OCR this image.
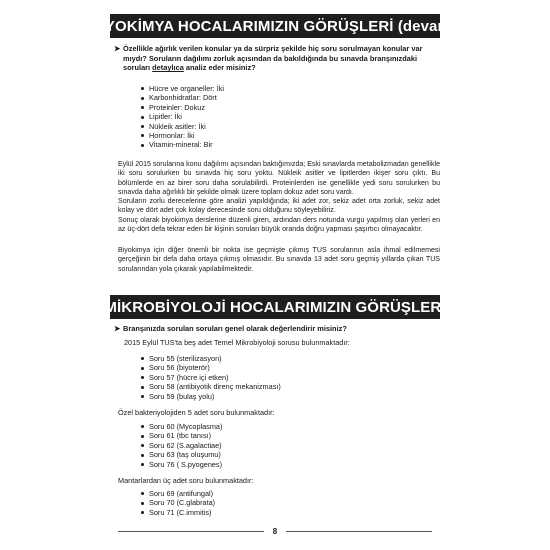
BİYOKİMYA HOCALARIMIZIN GÖRÜŞLERİ (devamı)
➤ Özellikle ağırlık verilen konular ya da sürpriz şekilde hiç soru sorulmayan konular var mıydı? Soruların dağılımı zorluk açısından da bakıldığında bu sınavda branşınızdaki
soruları detaylıca analiz eder misiniz?
Hücre ve organeller: İki
Karbonhidratlar: Dört
Proteinler: Dokuz
Lipitler: İki
Nükleik asitler: İki
Hormonlar: İki
Vitamin-mineral: Bir
Eylül 2015 sorularına konu dağılımı açısından baktığımızda; Eski sınavlarda metabolizmadan genellikle iki soru sorulurken bu sınavda hiç soru yoktu. Nükleik asitler ve lipitlerden ikişer soru çıktı. Bu bölümlerde en az birer soru daha sorulabilirdi. Proteinlerden ise genellikle yedi soru sorulurken bu sınavda daha ağırlıklı bir şekilde olmak üzere toplam dokuz adet soru vardı.
Soruların zorlu derecelerine göre analizi yapıldığında; iki adet zor, sekiz adet orta zorluk, sekiz adet kolay ve dört adet çok kolay derecesinde soru olduğunu söyleyebiliriz.
Sonuç olarak biyokimya derslerine düzenli giren, ardından ders notunda vurgu yapılmış olan yerleri en az üç-dört defa tekrar eden bir kişinin soruları büyük oranda doğru yapması şaşırtıcı olmayacaktır.
Biyokimya için diğer önemli bir nokta ise geçmişte çıkmış TUS sorularının asla ihmal edilmemesi gerçeğinin bir defa daha ortaya çıkmış olmasıdır. Bu sınavda 13 adet soru geçmiş yıllarda çıkan TUS sorularından yola çıkarak yapılabilmektedir.
MİKROBİYOLOJİ HOCALARIMIZIN GÖRÜŞLERİ
➤ Branşınızda sorulan soruları genel olarak değerlendirir misiniz?
2015 Eylül TUS'ta beş adet Temel Mikrobiyoloji sorusu bulunmaktadır:
Soru 55 (sterilizasyon)
Soru 56 (biyoterör)
Soru 57 (hücre içi etken)
Soru 58 (antibiyotik direnç mekanizması)
Soru 59 (bulaş yolu)
Özel bakteriyolojiden 5 adet soru bulunmaktadır:
Soru 60 (Mycoplasma)
Soru 61 (tbc tanısı)
Soru 62 (S.agalactiae)
Soru 63 (taş oluşumu)
Soru 76 ( S.pyogenes)
Mantarlardan üç adet soru bulunmaktadır:
Soru 69 (antifungal)
Soru 70 (C.glabrata)
Soru 71 (C.immitis)
8
